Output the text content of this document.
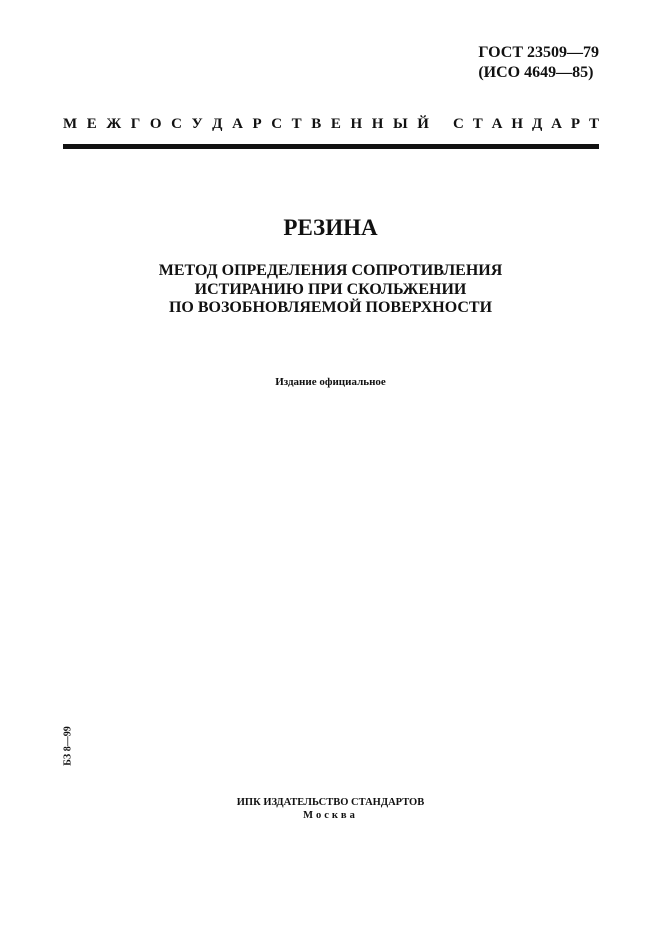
ГОСТ 23509—79
(ИСО 4649—85)
М Е Ж Г О С У Д А Р С Т В Е Н Н Ы Й С Т А Н Д А Р Т
РЕЗИНА
МЕТОД ОПРЕДЕЛЕНИЯ СОПРОТИВЛЕНИЯ
ИСТИРАНИЮ ПРИ СКОЛЬЖЕНИИ
ПО ВОЗОБНОВЛЯЕМОЙ ПОВЕРХНОСТИ
Издание официальное
БЗ 8—99
ИПК ИЗДАТЕЛЬСТВО СТАНДАРТОВ
Москва
